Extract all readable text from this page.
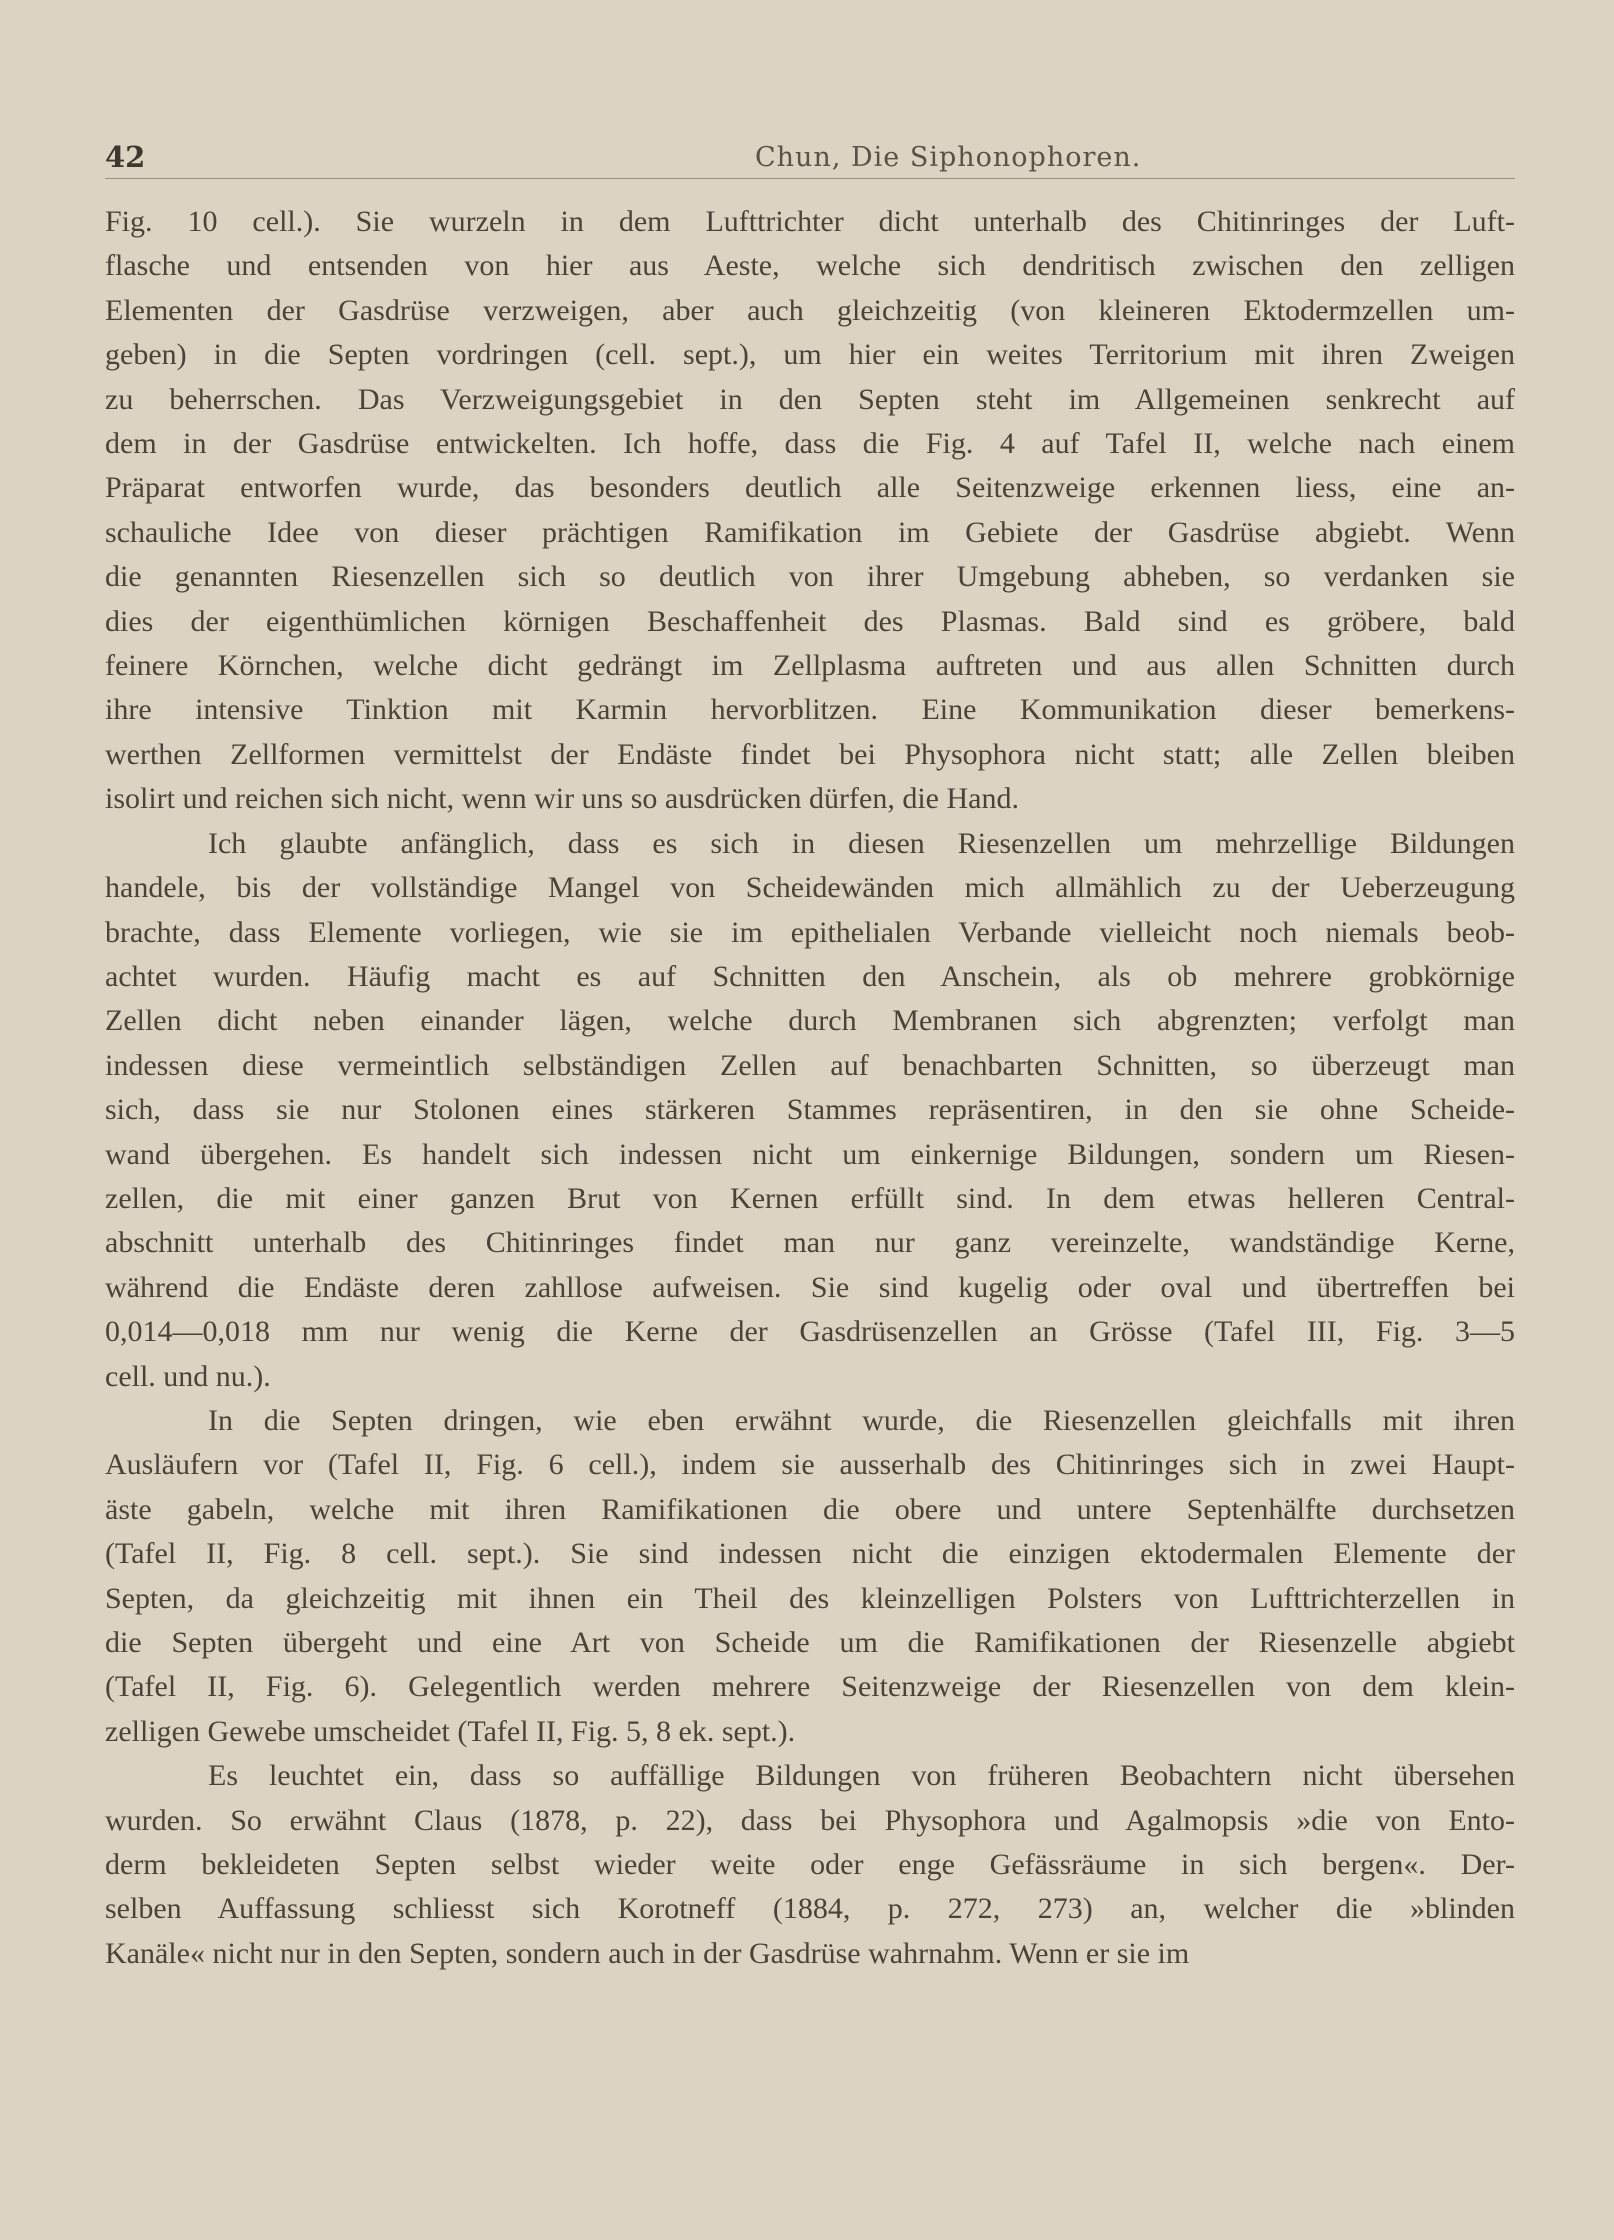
42	Chun, Die Siphonophoren.
Fig. 10 cell.). Sie wurzeln in dem Lufttrichter dicht unterhalb des Chitinringes der Luft-
flasche und entsenden von hier aus Aeste, welche sich dendritisch zwischen den zelligen
Elementen der Gasdrüse verzweigen, aber auch gleichzeitig (von kleineren Ektodermzellen um-
geben) in die Septen vordringen (cell. sept.), um hier ein weites Territorium mit ihren Zweigen
zu beherrschen. Das Verzweigungsgebiet in den Septen steht im Allgemeinen senkrecht auf
dem in der Gasdrüse entwickelten. Ich hoffe, dass die Fig. 4 auf Tafel II, welche nach einem
Präparat entworfen wurde, das besonders deutlich alle Seitenzweige erkennen liess, eine an-
schauliche Idee von dieser prächtigen Ramifikation im Gebiete der Gasdrüse abgiebt. Wenn
die genannten Riesenzellen sich so deutlich von ihrer Umgebung abheben, so verdanken sie
dies der eigenthümlichen körnigen Beschaffenheit des Plasmas. Bald sind es gröbere, bald
feinere Körnchen, welche dicht gedrängt im Zellplasma auftreten und aus allen Schnitten durch
ihre intensive Tinktion mit Karmin hervorblitzen. Eine Kommunikation dieser bemerkens-
werthen Zellformen vermittelst der Endäste findet bei Physophora nicht statt; alle Zellen bleiben
isolirt und reichen sich nicht, wenn wir uns so ausdrücken dürfen, die Hand.
Ich glaubte anfänglich, dass es sich in diesen Riesenzellen um mehrzellige Bildungen
handele, bis der vollständige Mangel von Scheidewänden mich allmählich zu der Ueberzeugung
brachte, dass Elemente vorliegen, wie sie im epithelialen Verbande vielleicht noch niemals beob-
achtet wurden. Häufig macht es auf Schnitten den Anschein, als ob mehrere grobkörnige
Zellen dicht neben einander lägen, welche durch Membranen sich abgrenzten; verfolgt man
indessen diese vermeintlich selbständigen Zellen auf benachbarten Schnitten, so überzeugt man
sich, dass sie nur Stolonen eines stärkeren Stammes repräsentiren, in den sie ohne Scheide-
wand übergehen. Es handelt sich indessen nicht um einkernige Bildungen, sondern um Riesen-
zellen, die mit einer ganzen Brut von Kernen erfüllt sind. In dem etwas helleren Central-
abschnitt unterhalb des Chitinringes findet man nur ganz vereinzelte, wandständige Kerne,
während die Endäste deren zahllose aufweisen. Sie sind kugelig oder oval und übertreffen bei
0,014—0,018 mm nur wenig die Kerne der Gasdrüsenzellen an Grösse (Tafel III, Fig. 3—5
cell. und nu.).
In die Septen dringen, wie eben erwähnt wurde, die Riesenzellen gleichfalls mit ihren
Ausläufern vor (Tafel II, Fig. 6 cell.), indem sie ausserhalb des Chitinringes sich in zwei Haupt-
äste gabeln, welche mit ihren Ramifikationen die obere und untere Septenhälfte durchsetzen
(Tafel II, Fig. 8 cell. sept.). Sie sind indessen nicht die einzigen ektodermalen Elemente der
Septen, da gleichzeitig mit ihnen ein Theil des kleinzelligen Polsters von Lufttrichterzellen in
die Septen übergeht und eine Art von Scheide um die Ramifikationen der Riesenzelle abgiebt
(Tafel II, Fig. 6). Gelegentlich werden mehrere Seitenzweige der Riesenzellen von dem klein-
zelligen Gewebe umscheidet (Tafel II, Fig. 5, 8 ek. sept.).
Es leuchtet ein, dass so auffällige Bildungen von früheren Beobachtern nicht übersehen
wurden. So erwähnt Claus (1878, p. 22), dass bei Physophora und Agalmopsis »die von Ento-
derm bekleideten Septen selbst wieder weite oder enge Gefässräume in sich bergen«. Der-
selben Auffassung schliesst sich Korotneff (1884, p. 272, 273) an, welcher die »blinden
Kanäle« nicht nur in den Septen, sondern auch in der Gasdrüse wahrnahm. Wenn er sie im
